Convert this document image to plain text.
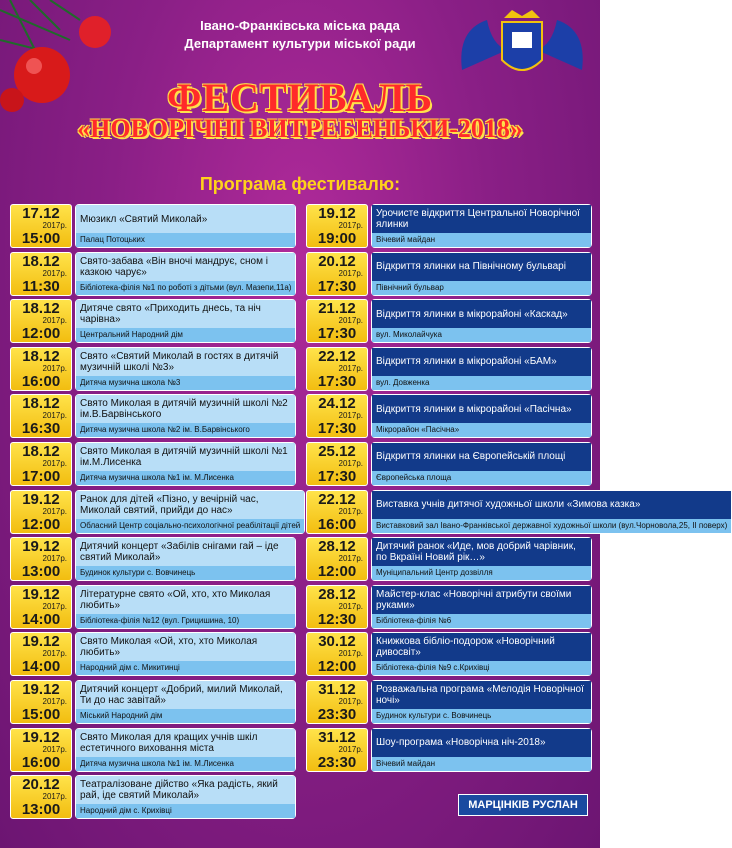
Івано-Франківська міська рада
Департамент культури міської ради
ФЕСТИВАЛЬ
«НОВОРІЧНІ ВИТРЕБЕНЬКИ-2018»
Програма фестивалю:
17.12
2017р.
15:00
Мюзикл «Святий Миколай»
Палац Потоцьких
18.12
2017р.
11:30
Свято-забава «Він вночі мандрує, сном і казкою чарує»
Бібліотека-філія №1 по роботі з дітьми (вул. Мазепи,11а)
18.12
2017р.
12:00
Дитяче свято «Приходить днесь, та ніч чарівна»
Центральний Народний дім
18.12
2017р.
16:00
Свято «Святий Миколай в гостях в дитячій музичній школі №3»
Дитяча музична школа №3
18.12
2017р.
16:30
Свято Миколая в дитячій музичній школі №2 ім.В.Барвінського
Дитяча музична школа №2 ім. В.Барвінського
18.12
2017р.
17:00
Свято Миколая в дитячій музичній школі №1 ім.М.Лисенка
Дитяча музична школа №1 ім. М.Лисенка
19.12
2017р.
12:00
Ранок для дітей «Пізно, у вечірній час, Миколай святий, прийди до нас»
Обласний Центр соціально-психологічної реабілітації дітей
19.12
2017р.
13:00
Дитячий концерт «Забілів снігами гай – іде святий Миколай»
Будинок культури с. Вовчинець
19.12
2017р.
14:00
Літературне свято «Ой, хто, хто Миколая любить»
Бібліотека-філія №12 (вул. Грицишина, 10)
19.12
2017р.
14:00
Свято Миколая «Ой, хто, хто Миколая любить»
Народний дім с. Микитинці
19.12
2017р.
15:00
Дитячий концерт «Добрий, милий Миколай, Ти до нас завітай»
Міський Народний дім
19.12
2017р.
16:00
Свято Миколая для кращих учнів шкіл естетичного виховання міста
Дитяча музична школа №1 ім. М.Лисенка
20.12
2017р.
13:00
Театралізоване дійство «Яка радість, який рай, іде святий Миколай»
Народний дім с. Крихівці
19.12
2017р.
19:00
Урочисте відкриття Центральної Новорічної ялинки
Вічевий майдан
20.12
2017р.
17:30
Відкриття ялинки на Північному бульварі
Північний бульвар
21.12
2017р.
17:30
Відкриття ялинки в мікрорайоні «Каскад»
вул. Миколайчука
22.12
2017р.
17:30
Відкриття ялинки в мікрорайоні «БАМ»
вул. Довженка
24.12
2017р.
17:30
Відкриття ялинки в мікрорайоні «Пасічна»
Мікрорайон «Пасічна»
25.12
2017р.
17:30
Відкриття ялинки на Європейській площі
Європейська площа
22.12
2017р.
16:00
Виставка учнів дитячої художньої школи «Зимова казка»
Виставковий зал Івано-Франківської державної художньої школи (вул.Чорновола,25, II поверх)
28.12
2017р.
12:00
Дитячий ранок «Иде, мов добрий чарівник, по Вкраїні Новий рік…»
Муніципальний Центр дозвілля
28.12
2017р.
12:30
Майстер-клас «Новорічні атрибути своїми руками»
Бібліотека-філія №6
30.12
2017р.
12:00
Книжкова бібліо-подорож «Новорічний дивосвіт»
Бібліотека-філія №9 с.Крихівці
31.12
2017р.
23:30
Розважальна програма «Мелодія Новорічної ночі»
Будинок культури с. Вовчинець
31.12
2017р.
23:30
Шоу-програма «Новорічна ніч-2018»
Вічевий майдан
МАРЦІНКІВ РУСЛАН
